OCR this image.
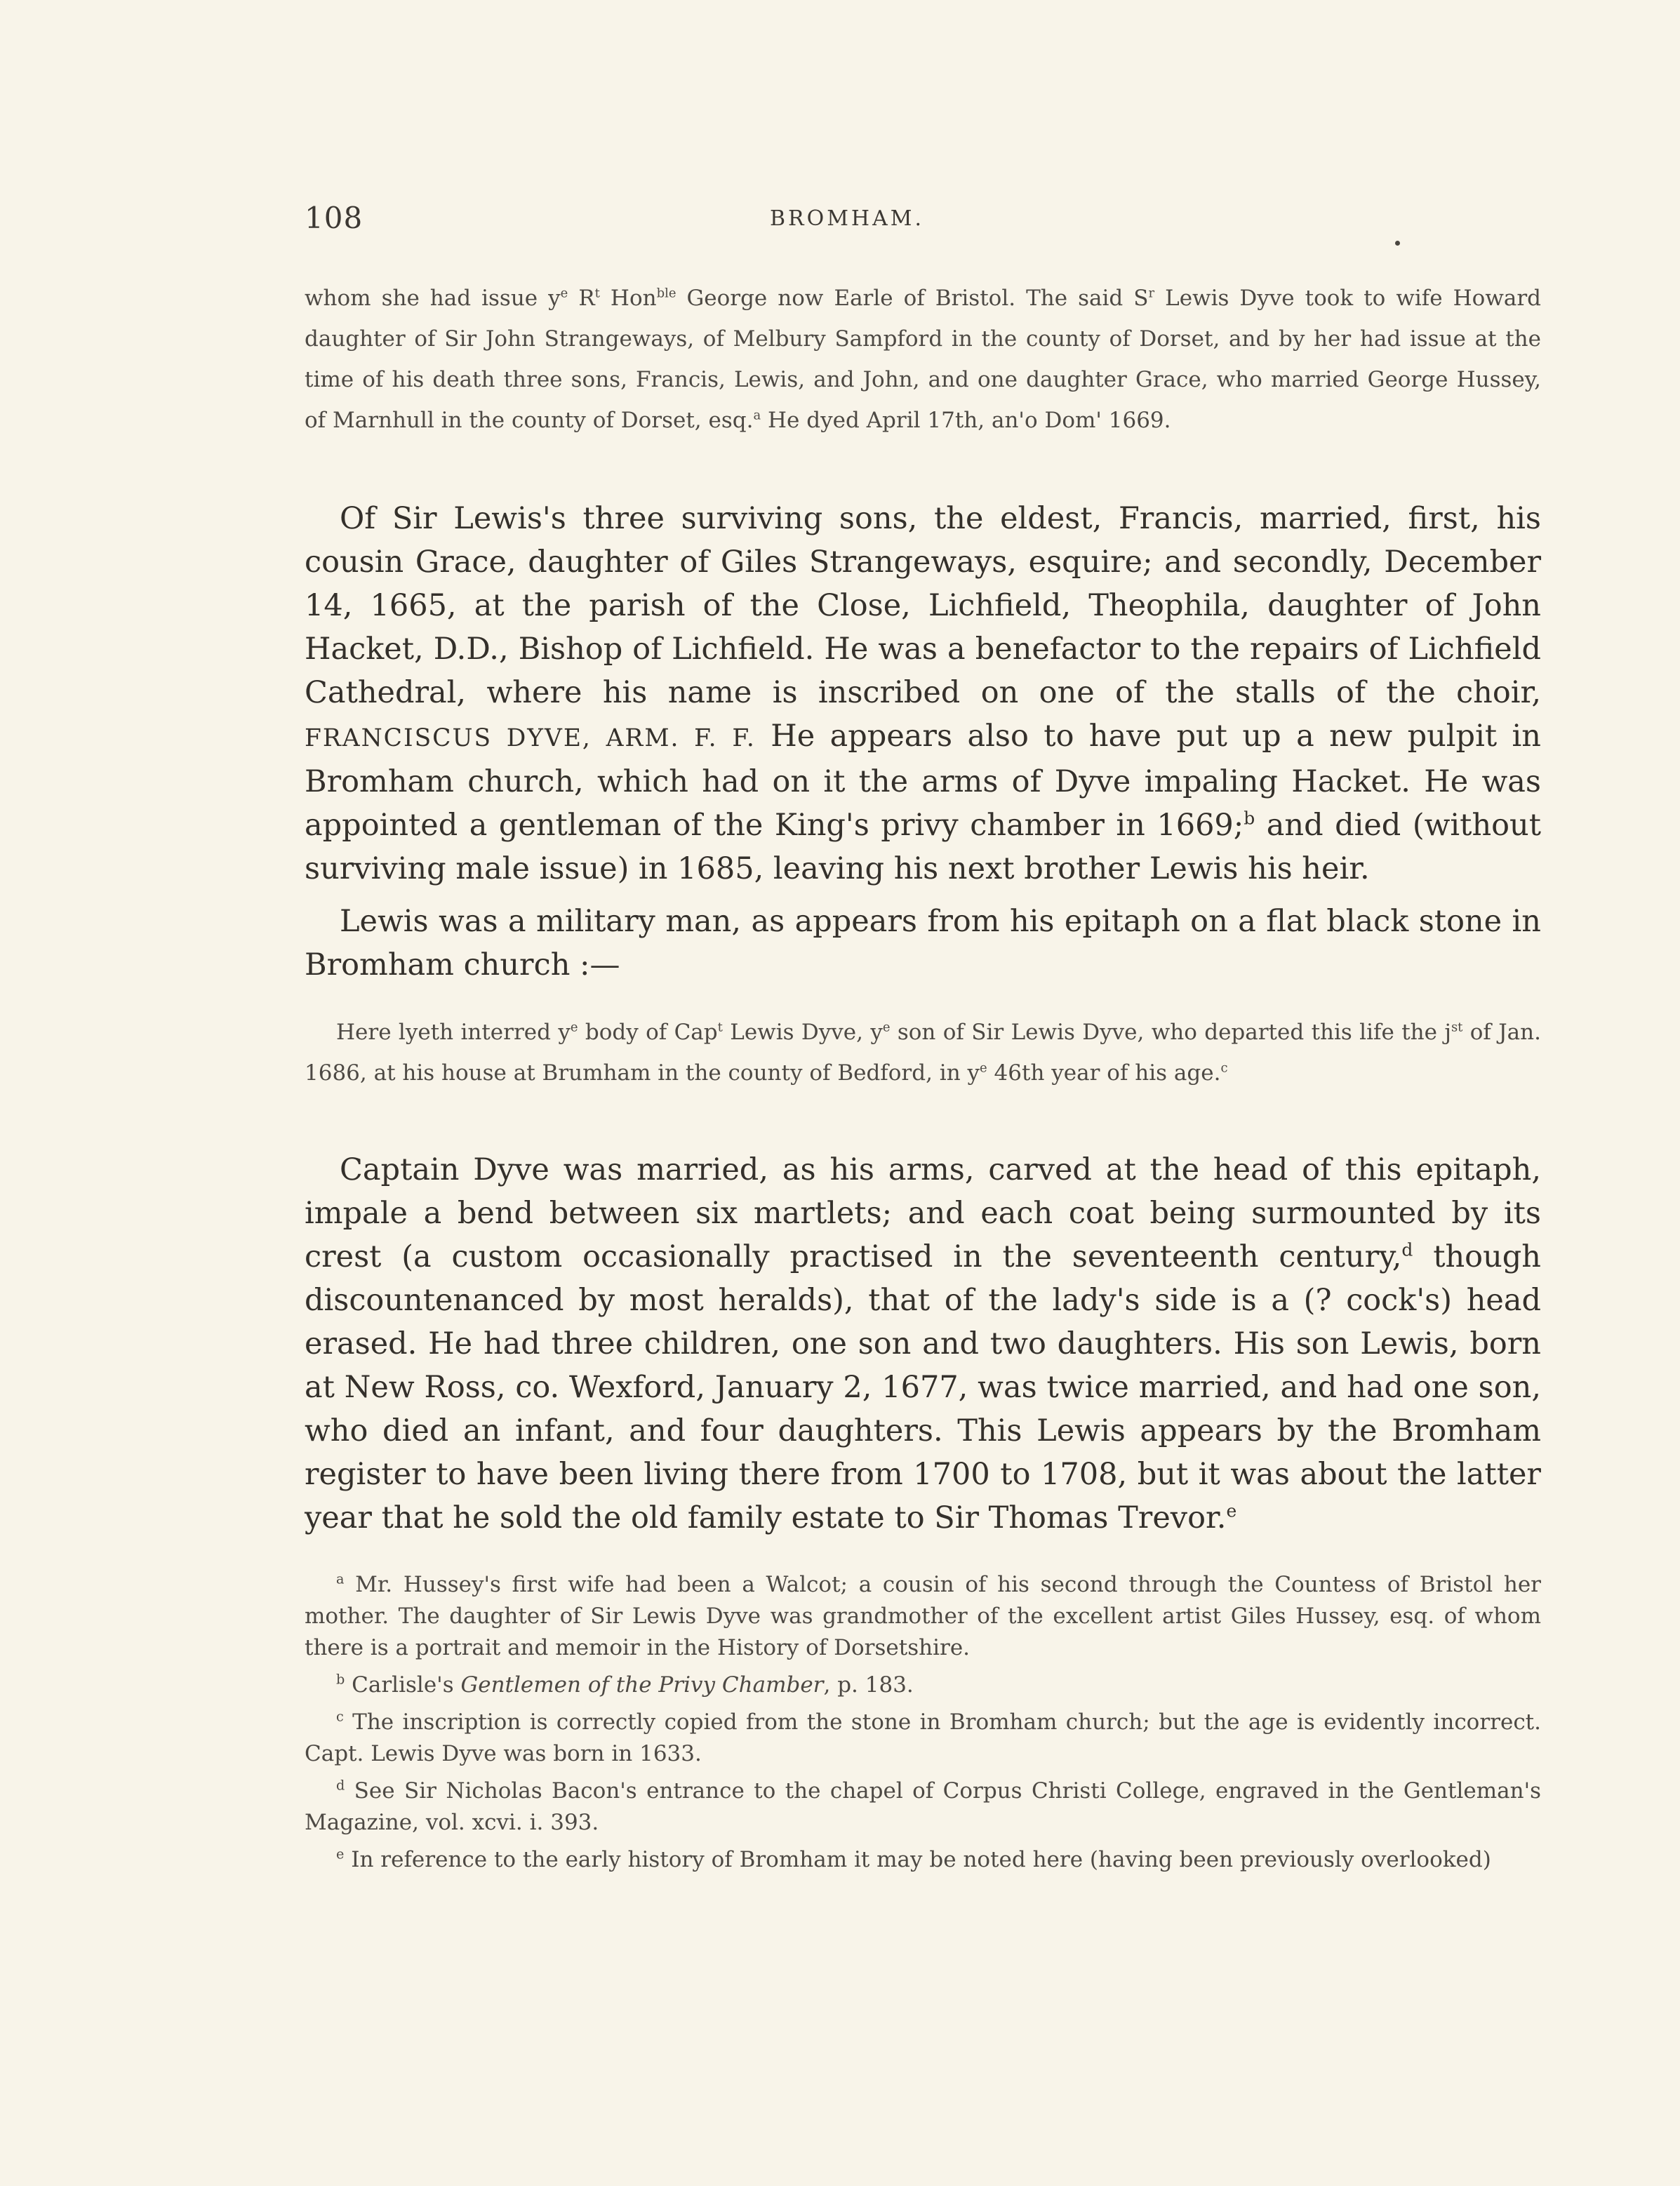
108	BROMHAM.

whom she had issue $y^e$ $R^t$ Hon$^{ble}$ George now Earle of Bristol. The said $S^r$ Lewis Dyve took to wife Howard daughter of Sir John Strangeways, of Melbury Sampford in the county of Dorset, and by her had issue at the time of his death three sons, Francis, Lewis, and John, and one daughter Grace, who married George Hussey, of Marnhull in the county of Dorset, esq.$^a$ He dyed April 17th, an'o Dom' 1669.

Of Sir Lewis's three surviving sons, the eldest, Francis, married, first, his cousin Grace, daughter of Giles Strangeways, esquire; and secondly, December 14, 1665, at the parish of the Close, Lichfield, Theophila, daughter of John Hacket, D.D., Bishop of Lichfield. He was a benefactor to the repairs of Lichfield Cathedral, where his name is inscribed on one of the stalls of the choir, FRANCISCUS DYVE, ARM. F. F. He appears also to have put up a new pulpit in Bromham church, which had on it the arms of Dyve impaling Hacket. He was appointed a gentleman of the King's privy chamber in 1669;$^b$ and died (without surviving male issue) in 1685, leaving his next brother Lewis his heir.

Lewis was a military man, as appears from his epitaph on a flat black stone in Bromham church :—

Here lyeth interred $y^e$ body of Cap$^t$ Lewis Dyve, $y^e$ son of Sir Lewis Dyve, who departed this life the $j^{st}$ of Jan. 1686, at his house at Brumham in the county of Bedford, in $y^e$ 46th year of his age.$^c$

Captain Dyve was married, as his arms, carved at the head of this epitaph, impale a bend between six martlets; and each coat being surmounted by its crest (a custom occasionally practised in the seventeenth century,$^d$ though discountenanced by most heralds), that of the lady's side is a (? cock's) head erased. He had three children, one son and two daughters. His son Lewis, born at New Ross, co. Wexford, January 2, 1677, was twice married, and had one son, who died an infant, and four daughters. This Lewis appears by the Bromham register to have been living there from 1700 to 1708, but it was about the latter year that he sold the old family estate to Sir Thomas Trevor.$^e$

$^a$ Mr. Hussey's first wife had been a Walcot; a cousin of his second through the Countess of Bristol her mother. The daughter of Sir Lewis Dyve was grandmother of the excellent artist Giles Hussey, esq. of whom there is a portrait and memoir in the History of Dorsetshire.

$^b$ Carlisle's Gentlemen of the Privy Chamber, p. 183.

$^c$ The inscription is correctly copied from the stone in Bromham church; but the age is evidently incorrect. Capt. Lewis Dyve was born in 1633.

$^d$ See Sir Nicholas Bacon's entrance to the chapel of Corpus Christi College, engraved in the Gentleman's Magazine, vol. xcvi. i. 393.

$^e$ In reference to the early history of Bromham it may be noted here (having been previously overlooked)
